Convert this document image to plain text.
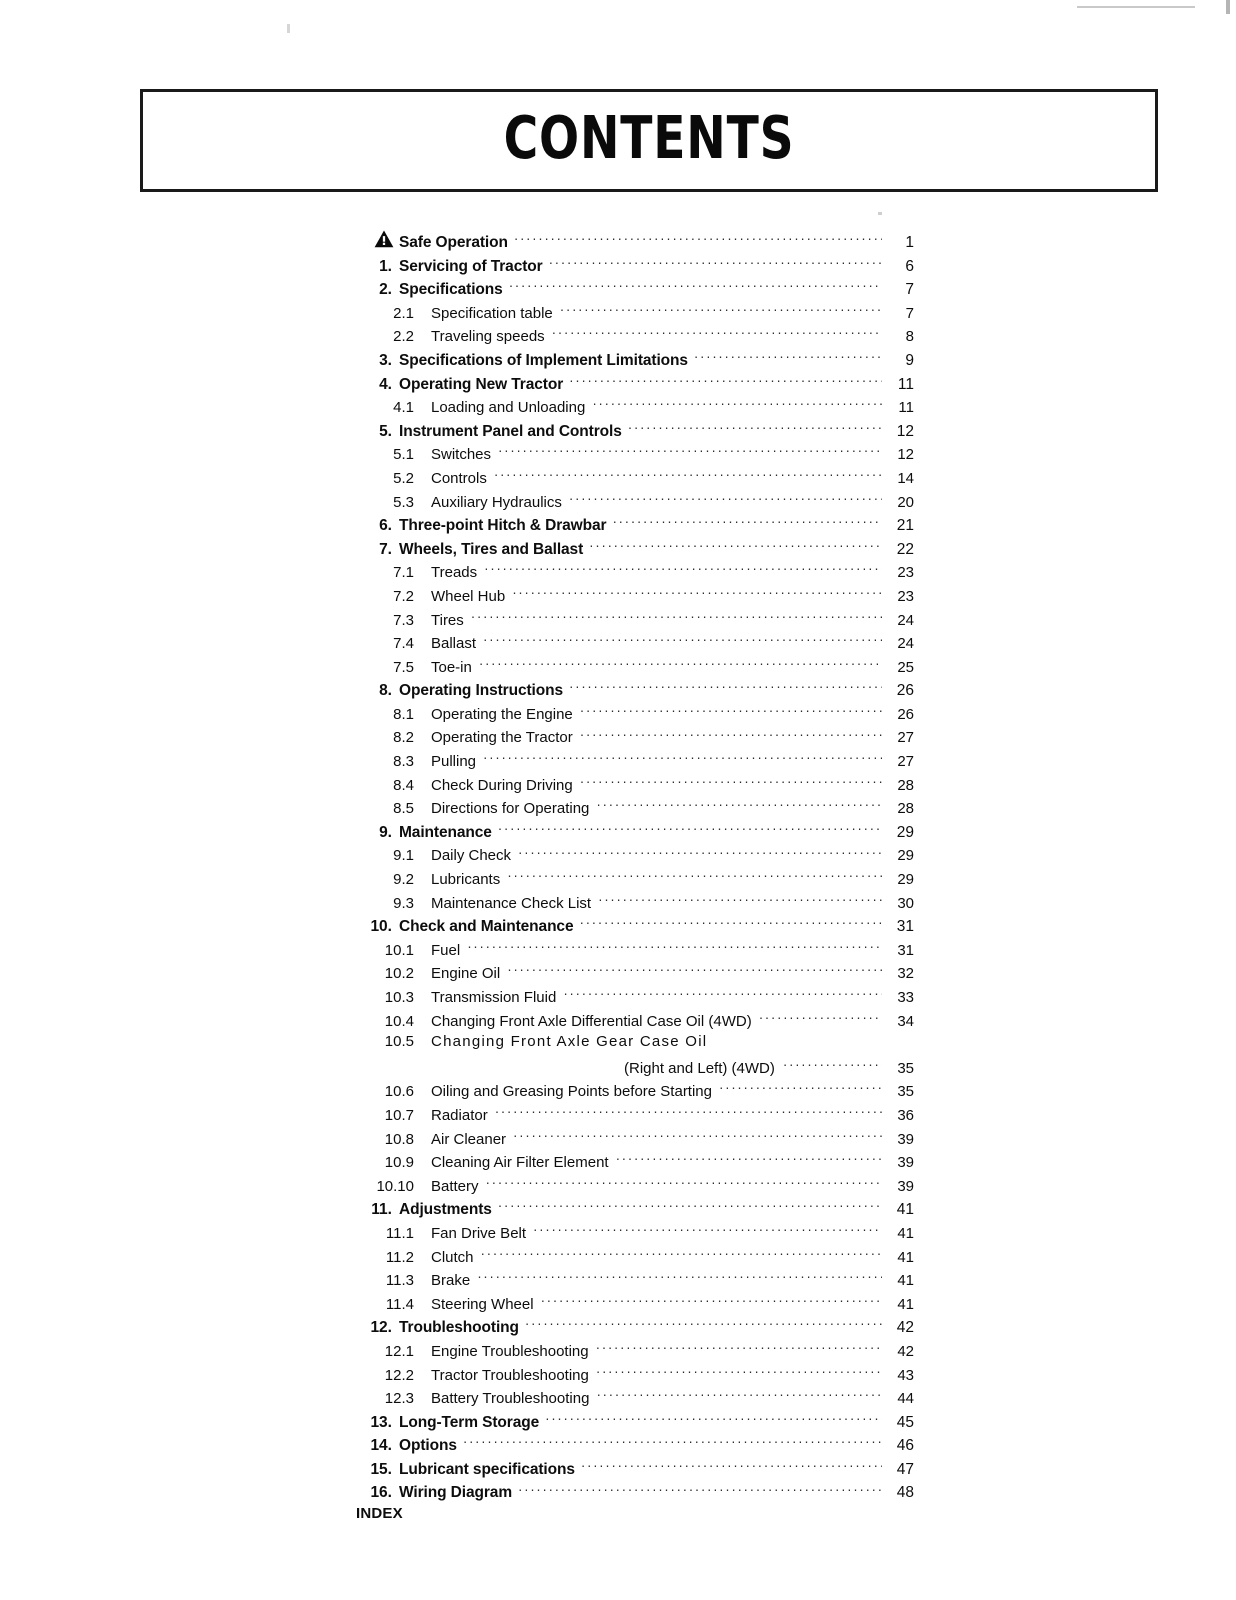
CONTENTS
Safe Operation ·····	1
1. Servicing of Tractor ·····	6
2. Specifications ·····	7
2.1	Specification table ·····	7
2.2	Traveling speeds ·····	8
3. Specifications of Implement Limitations ·····	9
4. Operating New Tractor ·····	11
4.1	Loading and Unloading ·····	11
5. Instrument Panel and Controls ·····	12
5.1	Switches ·····	12
5.2	Controls ·····	14
5.3	Auxiliary Hydraulics ·····	20
6. Three-point Hitch & Drawbar ·····	21
7. Wheels, Tires and Ballast ·····	22
7.1	Treads ·····	23
7.2	Wheel Hub ·····	23
7.3	Tires ·····	24
7.4	Ballast ·····	24
7.5	Toe-in ·····	25
8. Operating Instructions ·····	26
8.1	Operating the Engine ·····	26
8.2	Operating the Tractor ·····	27
8.3	Pulling ·····	27
8.4	Check During Driving ·····	28
8.5	Directions for Operating ·····	28
9. Maintenance ·····	29
9.1	Daily Check ·····	29
9.2	Lubricants ·····	29
9.3	Maintenance Check List ·····	30
10. Check and Maintenance ·····	31
10.1	Fuel ·····	31
10.2	Engine Oil ·····	32
10.3	Transmission Fluid ·····	33
10.4	Changing Front Axle Differential Case Oil (4WD) ·····	34
10.5	Changing Front Axle Gear Case Oil
(Right and Left) (4WD) ·····	35
10.6	Oiling and Greasing Points before Starting ·····	35
10.7	Radiator ·····	36
10.8	Air Cleaner ·····	39
10.9	Cleaning Air Filter Element ·····	39
10.10	Battery ·····	39
11. Adjustments ·····	41
11.1	Fan Drive Belt ·····	41
11.2	Clutch ·····	41
11.3	Brake ·····	41
11.4	Steering Wheel ·····	41
12. Troubleshooting ·····	42
12.1	Engine Troubleshooting ·····	42
12.2	Tractor Troubleshooting ·····	43
12.3	Battery Troubleshooting ·····	44
13. Long-Term Storage ·····	45
14. Options ·····	46
15. Lubricant specifications ·····	47
16. Wiring Diagram ·····	48
INDEX
